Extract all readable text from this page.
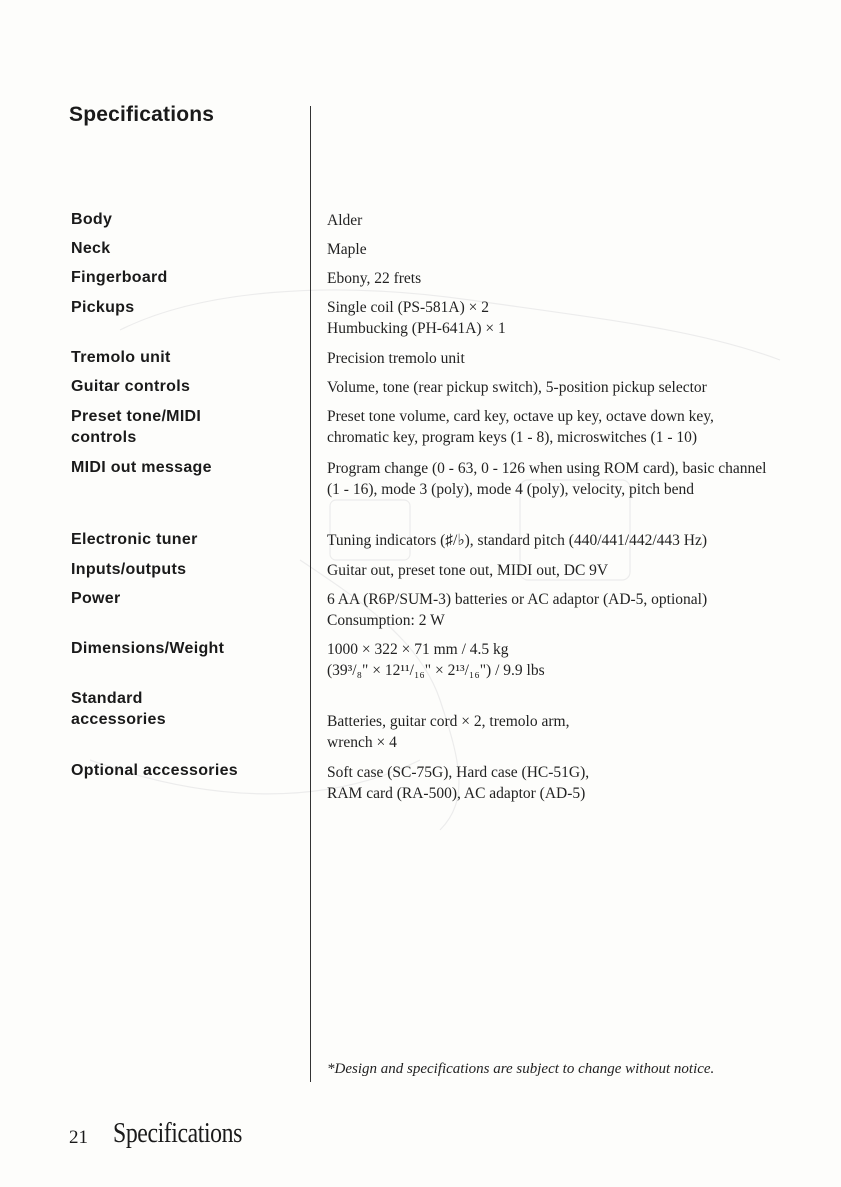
Specifications
Body
Neck
Fingerboard
Pickups
Tremolo unit
Guitar controls
Preset tone/MIDI
controls
MIDI out message
Electronic tuner
Inputs/outputs
Power
Dimensions/Weight
Standard
accessories
Optional accessories
Alder
Maple
Ebony, 22 frets
Single coil (PS-581A) × 2
Humbucking (PH-641A) × 1
Precision tremolo unit
Volume, tone (rear pickup switch), 5-position pickup selector
Preset tone volume, card key, octave up key, octave down key, chromatic key, program keys (1 - 8), microswitches (1 - 10)
Program change (0 - 63, 0 - 126 when using ROM card), basic channel (1 - 16), mode 3 (poly), mode 4 (poly), velocity, pitch bend
Tuning indicators (♯/♭), standard pitch (440/441/442/443 Hz)
Guitar out, preset tone out, MIDI out, DC 9V
6 AA (R6P/SUM-3) batteries or AC adaptor (AD-5, optional)
Consumption: 2 W
1000 × 322 × 71 mm / 4.5 kg
(39³/₈" × 12¹¹/₁₆" × 2¹³/₁₆") / 9.9 lbs
Batteries, guitar cord × 2, tremolo arm,
wrench × 4
Soft case (SC-75G), Hard case (HC-51G),
RAM card (RA-500), AC adaptor (AD-5)
*Design and specifications are subject to change without notice.
21 Specifications
